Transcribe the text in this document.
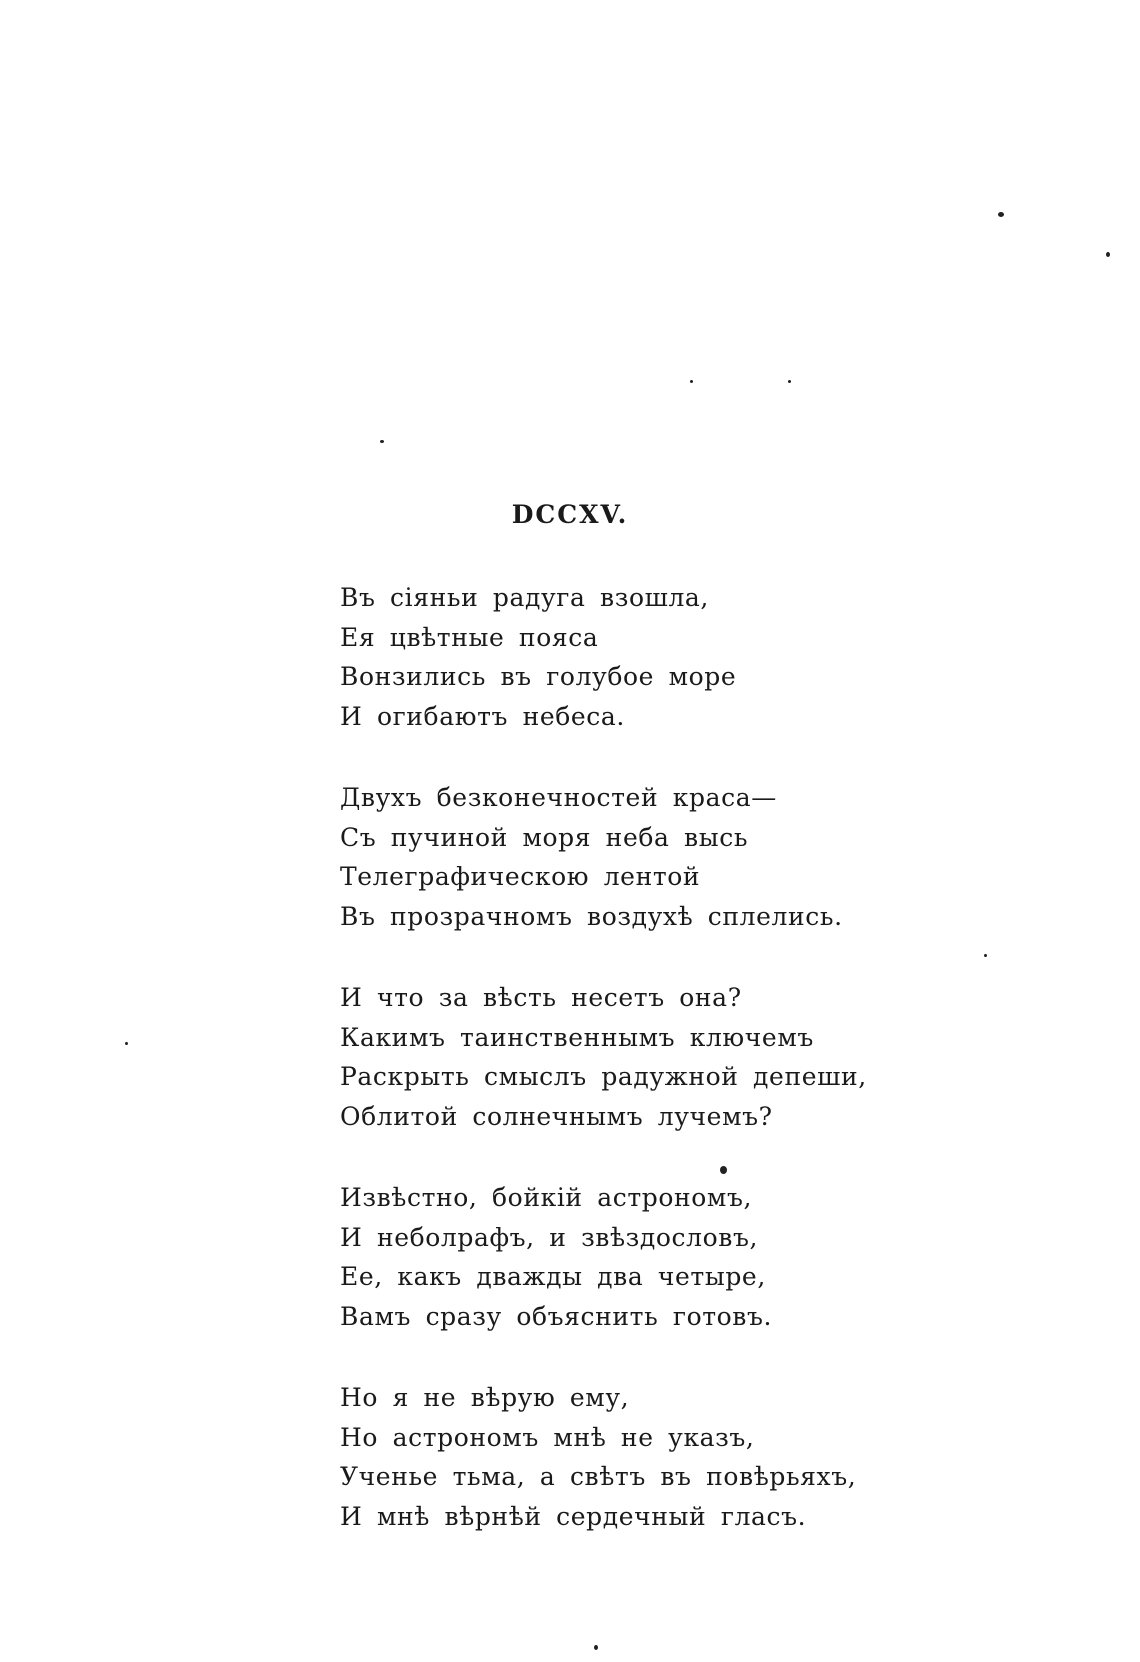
DCCXV.
Въ сіяньи радуга взошла,
Ея цвѣтные пояса
Вонзились въ голубое море
И огибаютъ небеса.
Двухъ безконечностей краса—
Съ пучиной моря неба высь
Телеграфическою лентой
Въ прозрачномъ воздухѣ сплелись.
И что за вѣсть несетъ она?
Какимъ таинственнымъ ключемъ
Раскрыть смыслъ радужной депеши,
Облитой солнечнымъ лучемъ?
Извѣстно, бойкій астрономъ,
И неболрафъ, и звѣздословъ,
Ее, какъ дважды два четыре,
Вамъ сразу объяснить готовъ.
Но я не вѣрую ему,
Но астрономъ мнѣ не указъ,
Ученье тьма, а свѣтъ въ повѣрьяхъ,
И мнѣ вѣрнѣй сердечный гласъ.
